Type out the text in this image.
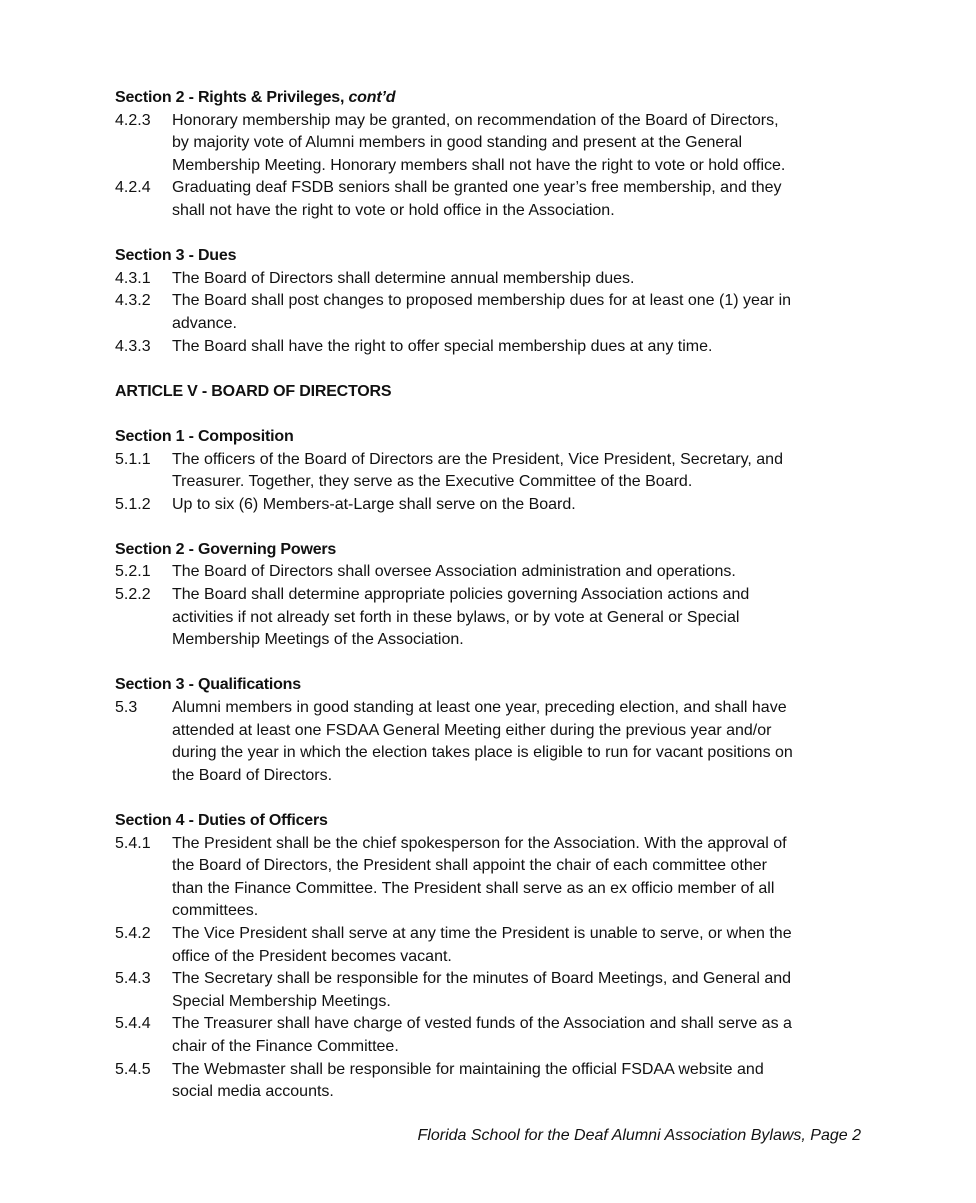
Section 2 - Rights & Privileges, cont’d
4.2.3	Honorary membership may be granted, on recommendation of the Board of Directors,
by majority vote of Alumni members in good standing and present at the General
Membership Meeting. Honorary members shall not have the right to vote or hold office.
4.2.4	Graduating deaf FSDB seniors shall be granted one year’s free membership, and they
shall not have the right to vote or hold office in the Association.
Section 3 - Dues
4.3.1	The Board of Directors shall determine annual membership dues.
4.3.2	The Board shall post changes to proposed membership dues for at least one (1) year in
advance.
4.3.3	The Board shall have the right to offer special membership dues at any time.
ARTICLE V - BOARD OF DIRECTORS
Section 1 - Composition
5.1.1	The officers of the Board of Directors are the President, Vice President, Secretary, and
Treasurer. Together, they serve as the Executive Committee of the Board.
5.1.2	Up to six (6) Members-at-Large shall serve on the Board.
Section 2 - Governing Powers
5.2.1	The Board of Directors shall oversee Association administration and operations.
5.2.2	The Board shall determine appropriate policies governing Association actions and
activities if not already set forth in these bylaws, or by vote at General or Special
Membership Meetings of the Association.
Section 3 - Qualifications
5.3	Alumni members in good standing at least one year, preceding election, and shall have
attended at least one FSDAA General Meeting either during the previous year and/or
during the year in which the election takes place is eligible to run for vacant positions on
the Board of Directors.
Section 4 - Duties of Officers
5.4.1	The President shall be the chief spokesperson for the Association. With the approval of
the Board of Directors, the President shall appoint the chair of each committee other
than the Finance Committee. The President shall serve as an ex officio member of all
committees.
5.4.2	The Vice President shall serve at any time the President is unable to serve, or when the
office of the President becomes vacant.
5.4.3	The Secretary shall be responsible for the minutes of Board Meetings, and General and
Special Membership Meetings.
5.4.4	The Treasurer shall have charge of vested funds of the Association and shall serve as a
chair of the Finance Committee.
5.4.5	The Webmaster shall be responsible for maintaining the official FSDAA website and
social media accounts.
Florida School for the Deaf Alumni Association Bylaws, Page 2
